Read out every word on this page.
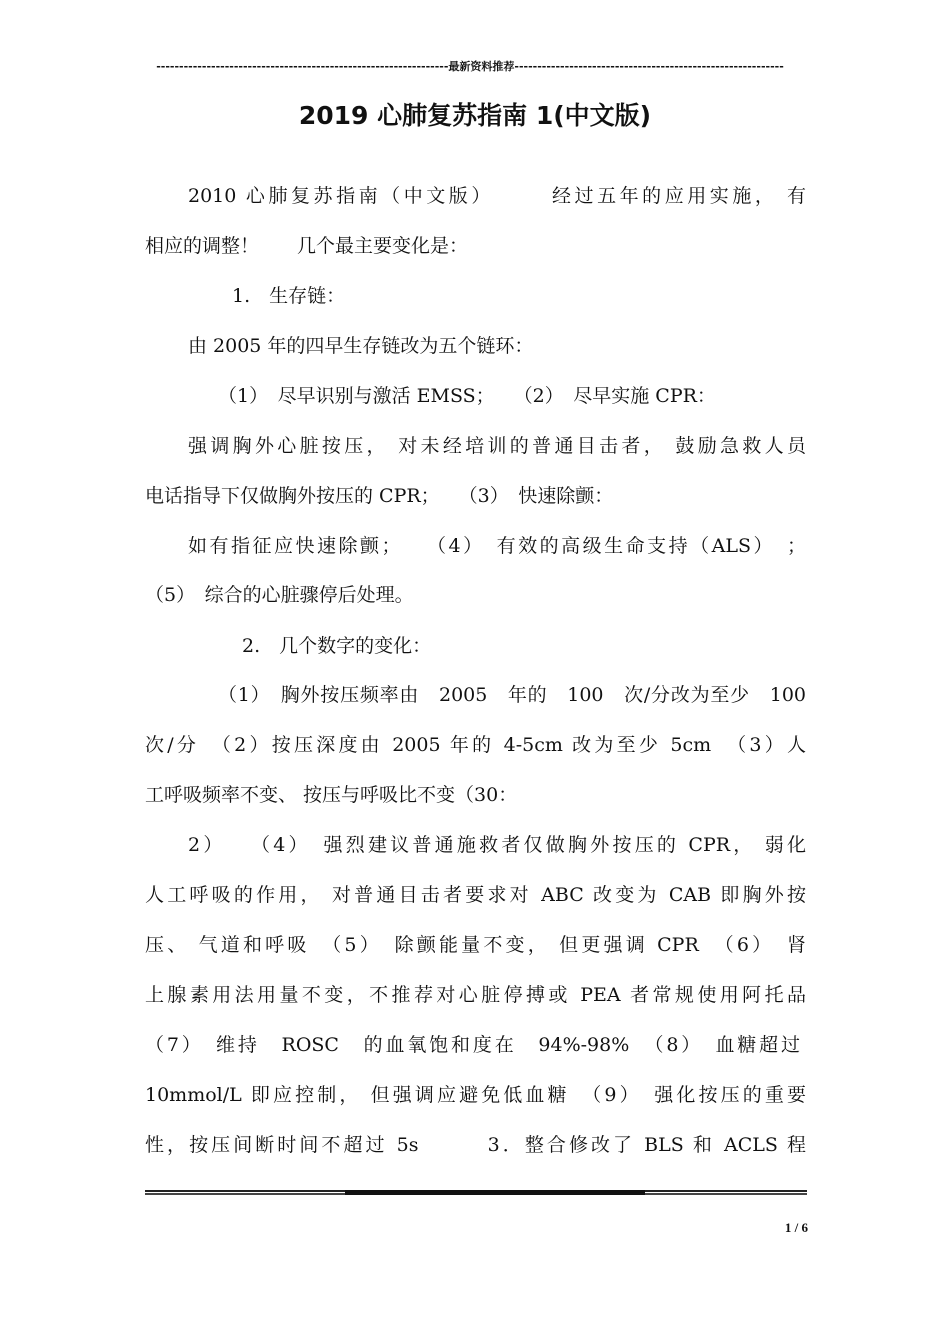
----------------------------------------------------------------最新资料推荐-----------------------------------------------------------
2019 心肺复苏指南 1(中文版)
2010 心肺复苏指南（中文版）　　　经过五年的应用实施， 有
相应的调整！　　几个最主要变化是：
1.　生存链：
由 2005 年的四早生存链改为五个链环：
（1）　尽早识别与激活 EMSS；　　（2）　尽早实施 CPR：
强调胸外心脏按压， 对未经培训的普通目击者， 鼓励急救人员
电话指导下仅做胸外按压的 CPR；　　（3）　快速除颤：
如有指征应快速除颤；　　（4）　有效的高级生命支持（ALS）　；
（5）　综合的心脏骤停后处理。
2.　几个数字的变化：
（1）　胸外按压频率由　2005　年的　100　次/分改为至少　100
次/分　（2）按压深度由 2005 年的 4-5cm 改为至少 5cm　（3）人
工呼吸频率不变、 按压与呼吸比不变（30：
2）　　（4）　强烈建议普通施救者仅做胸外按压的 CPR， 弱化
人工呼吸的作用， 对普通目击者要求对 ABC 改变为 CAB 即胸外按
压、 气道和呼吸　（5）　除颤能量不变， 但更强调 CPR　（6）　肾
上腺素用法用量不变，不推荐对心脏停搏或 PEA 者常规使用阿托品
（7）　维持　ROSC　的血氧饱和度在　94%-98%　（8）　血糖超过
10mmol/L 即应控制， 但强调应避免低血糖　（9）　强化按压的重要
性，按压间断时间不超过 5s　　　3．整合修改了 BLS 和 ACLS 程
1 / 6
